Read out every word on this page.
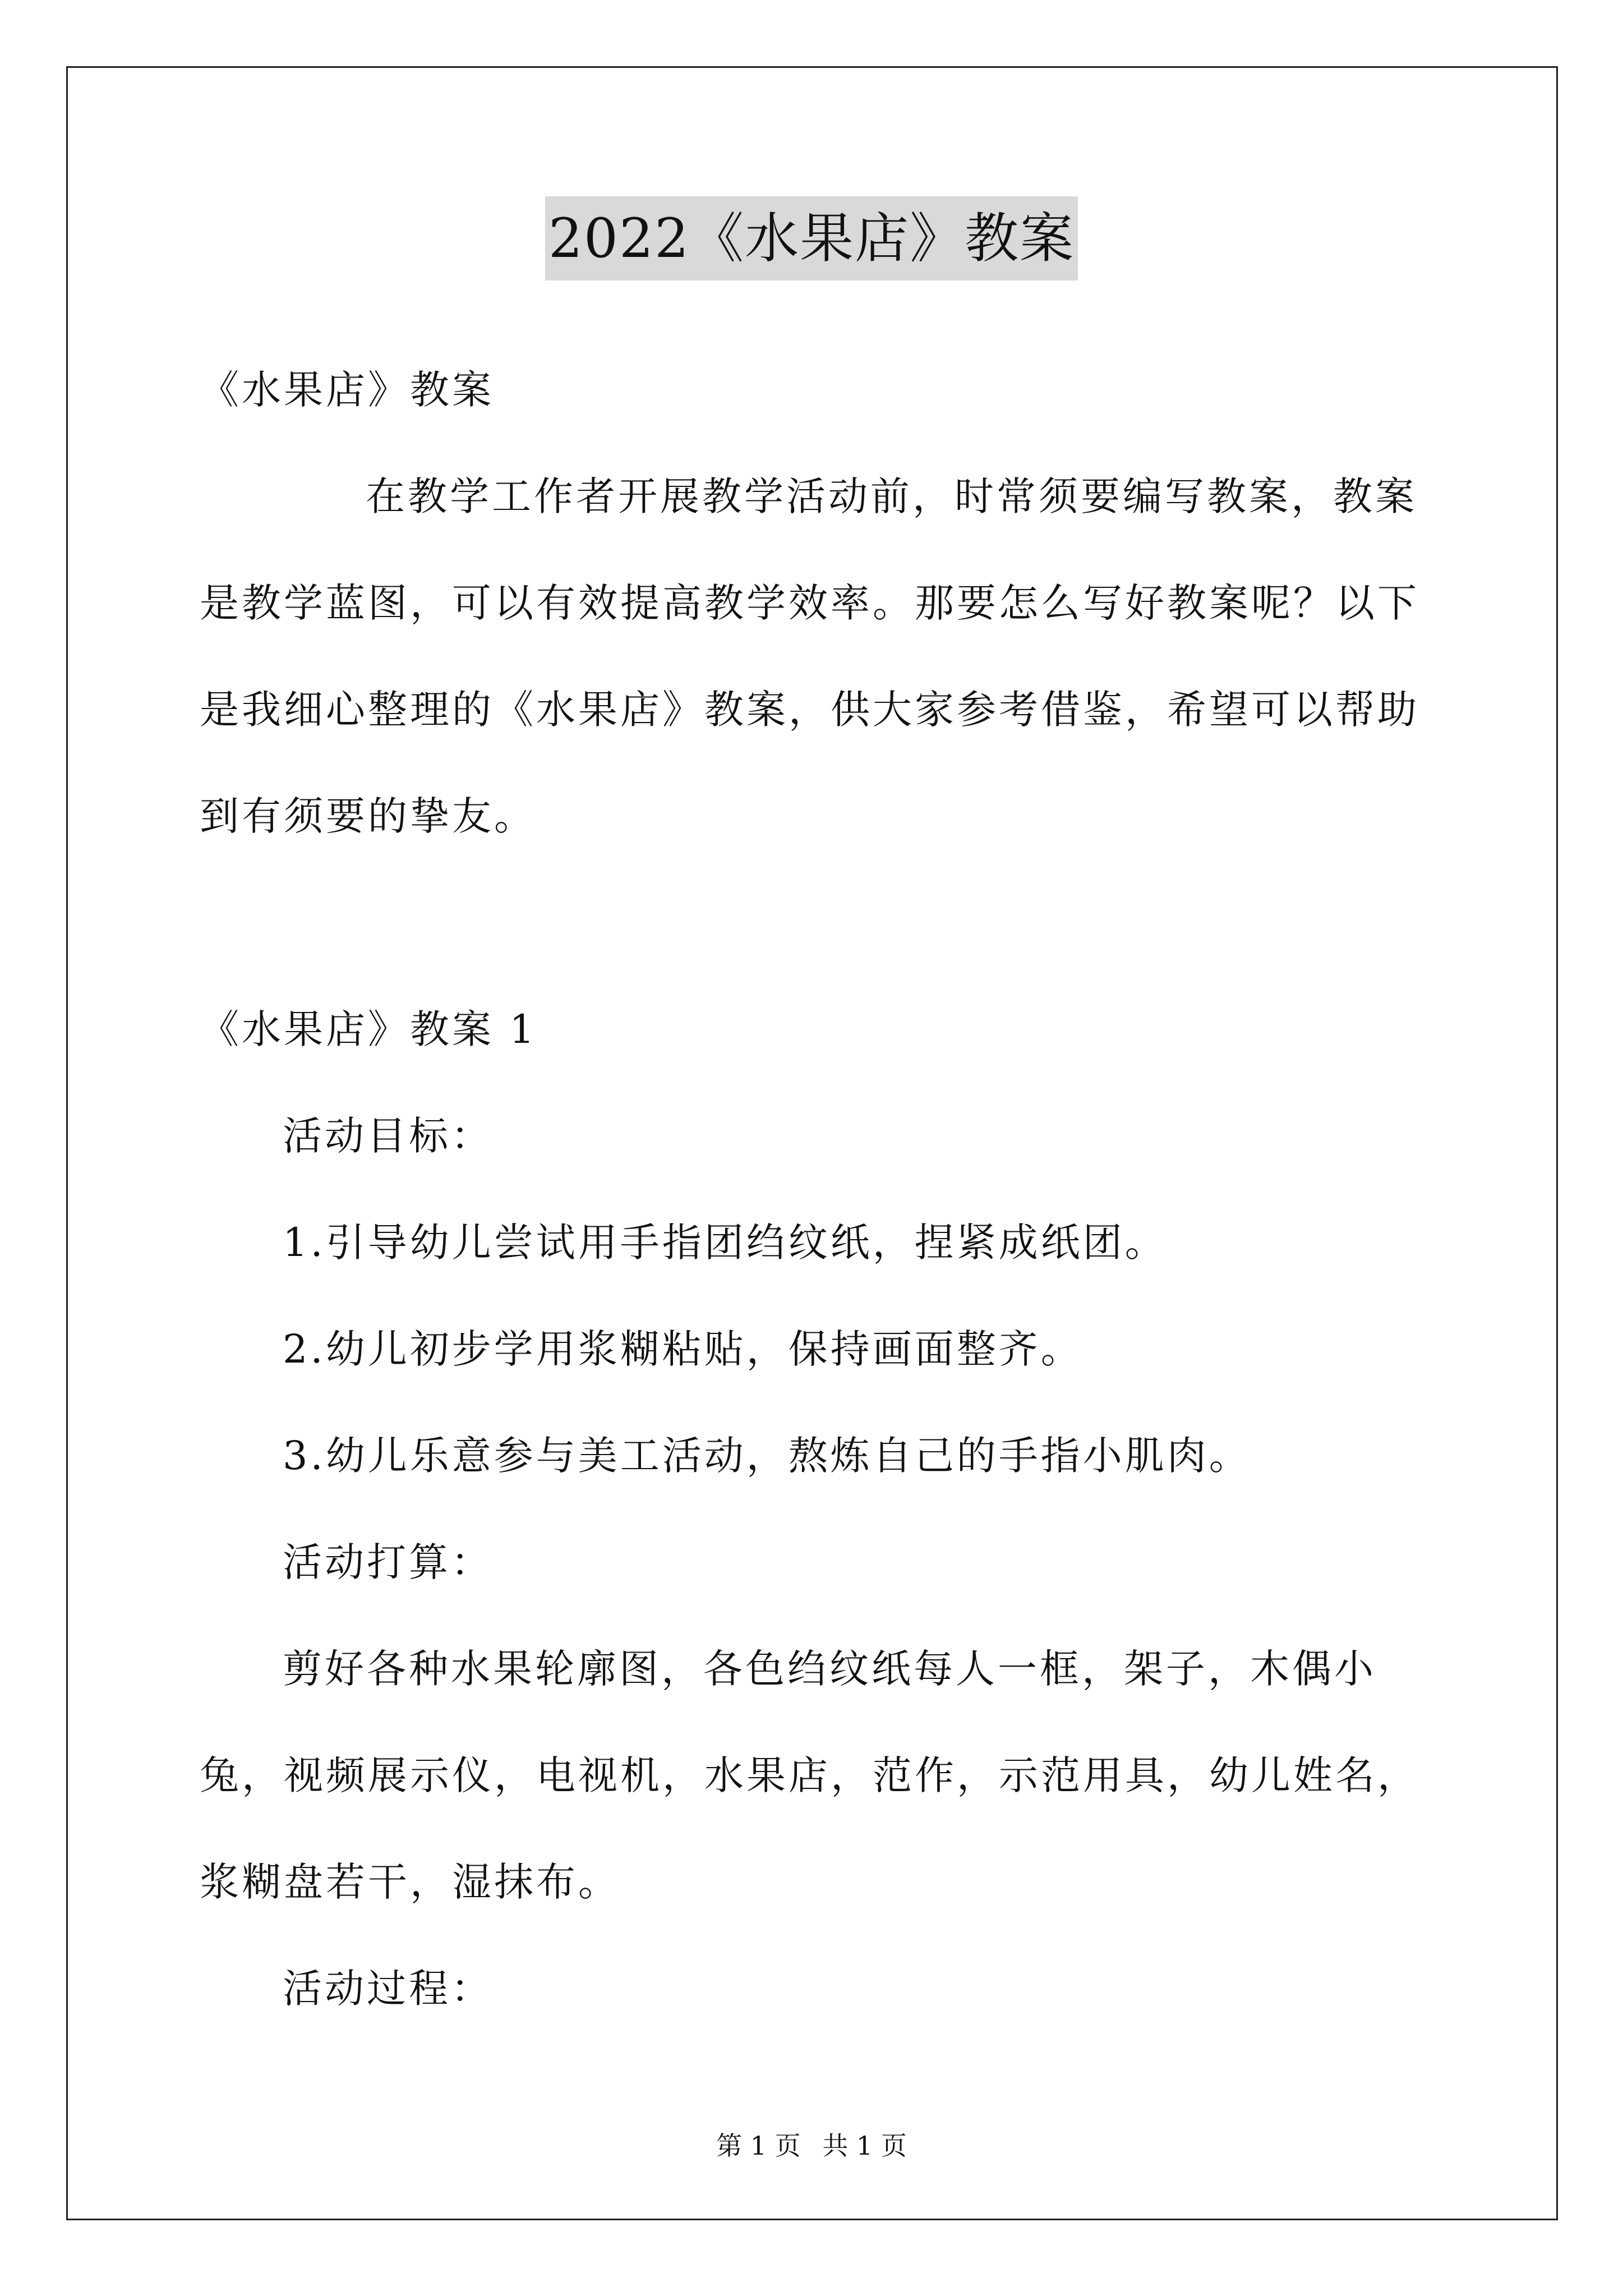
2022《水果店》教案

《水果店》教案

在教学工作者开展教学活动前，时常须要编写教案，教案是教学蓝图，可以有效提高教学效率。那要怎么写好教案呢？以下是我细心整理的《水果店》教案，供大家参考借鉴，希望可以帮助到有须要的挚友。

《水果店》教案 1

活动目标：

1.引导幼儿尝试用手指团绉纹纸，捏紧成纸团。

2.幼儿初步学用浆糊粘贴，保持画面整齐。

3.幼儿乐意参与美工活动，熬炼自己的手指小肌肉。

活动打算：

剪好各种水果轮廓图，各色绉纹纸每人一框，架子，木偶小兔，视频展示仪，电视机，水果店，范作，示范用具，幼儿姓名，浆糊盘若干，湿抹布。

活动过程：

第 1 页 共 1 页
